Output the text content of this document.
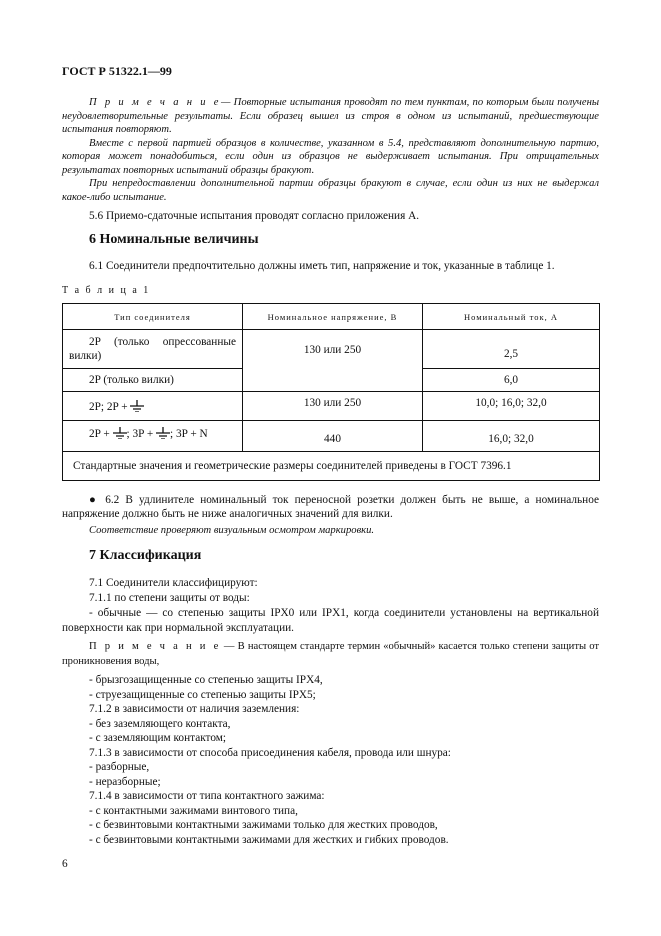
ГОСТ Р 51322.1—99
П р и м е ч а н и е— Повторные испытания проводят по тем пунктам, по которым были получены неудовлетворительные результаты. Если образец вышел из строя в одном из испытаний, предшествующие испытания повторяют.
Вместе с первой партией образцов в количестве, указанном в 5.4, представляют дополнительную партию, которая может понадобиться, если один из образцов не выдерживает испытания. При отрицательных результатах повторных испытаний образцы бракуют.
При непредоставлении дополнительной партии образцы бракуют в случае, если один из них не выдержал какое-либо испытание.
5.6 Приемо-сдаточные испытания проводят согласно приложения А.
6 Номинальные величины
6.1 Соединители предпочтительно должны иметь тип, напряжение и ток, указанные в таблице 1.
Т а б л и ц а 1
Тип соединителя	Номинальное напряжение, В	Номинальный ток, А
2P (только опрессованные вилки)	130 или 250	2,5
2P (только вилки)		6,0
2P; 2P +	130 или 250	10,0; 16,0; 32,0
2P + ; 3P + ; 3P + N	440	16,0; 32,0
Стандартные значения и геометрические размеры соединителей приведены в ГОСТ 7396.1		
● 6.2 В удлинителе номинальный ток переносной розетки должен быть не выше, а номинальное напряжение должно быть не ниже аналогичных значений для вилки.
Соответствие проверяют визуальным осмотром маркировки.
7 Классификация
7.1 Соединители классифицируют:
7.1.1 по степени защиты от воды:
- обычные — со степенью защиты IPX0 или IPX1, когда соединители установлены на вертикальной поверхности как при нормальной эксплуатации.
П р и м е ч а н и е — В настоящем стандарте термин «обычный» касается только степени защиты от проникновения воды,
- брызгозащищенные со степенью защиты IPX4,
- струезащищенные со степенью защиты IPX5;
7.1.2 в зависимости от наличия заземления:
- без заземляющего контакта,
- с заземляющим контактом;
7.1.3 в зависимости от способа присоединения кабеля, провода или шнура:
- разборные,
- неразборные;
7.1.4 в зависимости от типа контактного зажима:
- с контактными зажимами винтового типа,
- с безвинтовыми контактными зажимами только для жестких проводов,
- с безвинтовыми контактными зажимами для жестких и гибких проводов.
6
